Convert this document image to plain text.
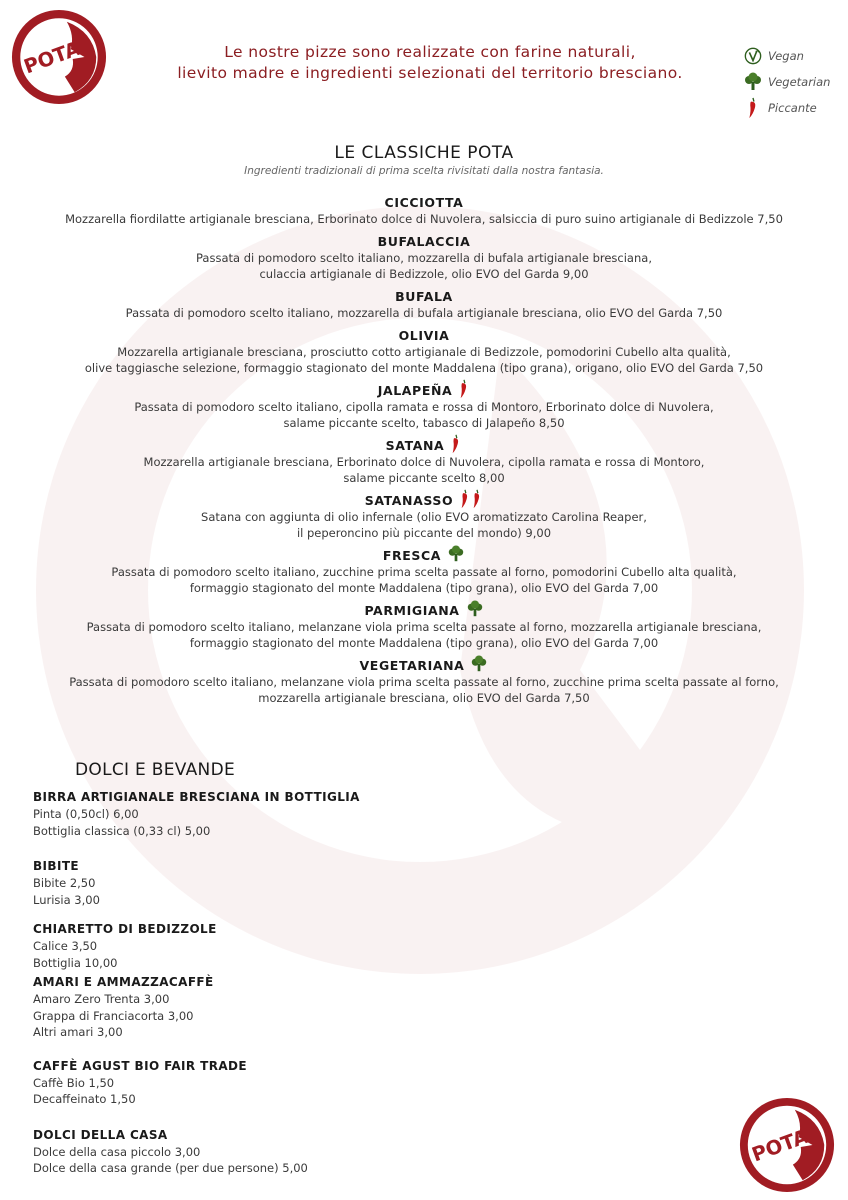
POTA	Le nostre pizze sono realizzate con farine naturali,
lievito madre e ingredienti selezionati del territorio bresciano.
Vegan
Vegetarian
Piccante
LE CLASSICHE POTA
Ingredienti tradizionali di prima scelta rivisitati dalla nostra fantasia.
CICCIOTTA
Mozzarella fiordilatte artigianale bresciana, Erborinato dolce di Nuvolera, salsiccia di puro suino artigianale di Bedizzole 7,50
BUFALACCIA
Passata di pomodoro scelto italiano, mozzarella di bufala artigianale bresciana,
culaccia artigianale di Bedizzole, olio EVO del Garda 9,00
BUFALA
Passata di pomodoro scelto italiano, mozzarella di bufala artigianale bresciana, olio EVO del Garda 7,50
OLIVIA
Mozzarella artigianale bresciana, prosciutto cotto artigianale di Bedizzole, pomodorini Cubello alta qualità,
olive taggiasche selezione, formaggio stagionato del monte Maddalena (tipo grana), origano, olio EVO del Garda 7,50
JALAPEÑA
Passata di pomodoro scelto italiano, cipolla ramata e rossa di Montoro, Erborinato dolce di Nuvolera,
salame piccante scelto, tabasco di Jalapeño 8,50
SATANA
Mozzarella artigianale bresciana, Erborinato dolce di Nuvolera, cipolla ramata e rossa di Montoro,
salame piccante scelto 8,00
SATANASSO
Satana con aggiunta di olio infernale (olio EVO aromatizzato Carolina Reaper,
il peperoncino più piccante del mondo) 9,00
FRESCA
Passata di pomodoro scelto italiano, zucchine prima scelta passate al forno, pomodorini Cubello alta qualità,
formaggio stagionato del monte Maddalena (tipo grana), olio EVO del Garda 7,00
PARMIGIANA
Passata di pomodoro scelto italiano, melanzane viola prima scelta passate al forno, mozzarella artigianale bresciana,
formaggio stagionato del monte Maddalena (tipo grana), olio EVO del Garda 7,00
VEGETARIANA
Passata di pomodoro scelto italiano, melanzane viola prima scelta passate al forno, zucchine prima scelta passate al forno,
mozzarella artigianale bresciana, olio EVO del Garda 7,50
DOLCI E BEVANDE
BIRRA ARTIGIANALE BRESCIANA IN BOTTIGLIA
Pinta (0,50cl) 6,00
Bottiglia classica (0,33 cl) 5,00
BIBITE
Bibite 2,50
Lurisia 3,00
CHIARETTO DI BEDIZZOLE
Calice 3,50
Bottiglia 10,00
AMARI E AMMAZZACAFFÈ
Amaro Zero Trenta 3,00
Grappa di Franciacorta 3,00
Altri amari 3,00
CAFFÈ AGUST BIO FAIR TRADE
Caffè Bio 1,50
Decaffeinato 1,50
DOLCI DELLA CASA
Dolce della casa piccolo 3,00
Dolce della casa grande (per due persone) 5,00
POTA
